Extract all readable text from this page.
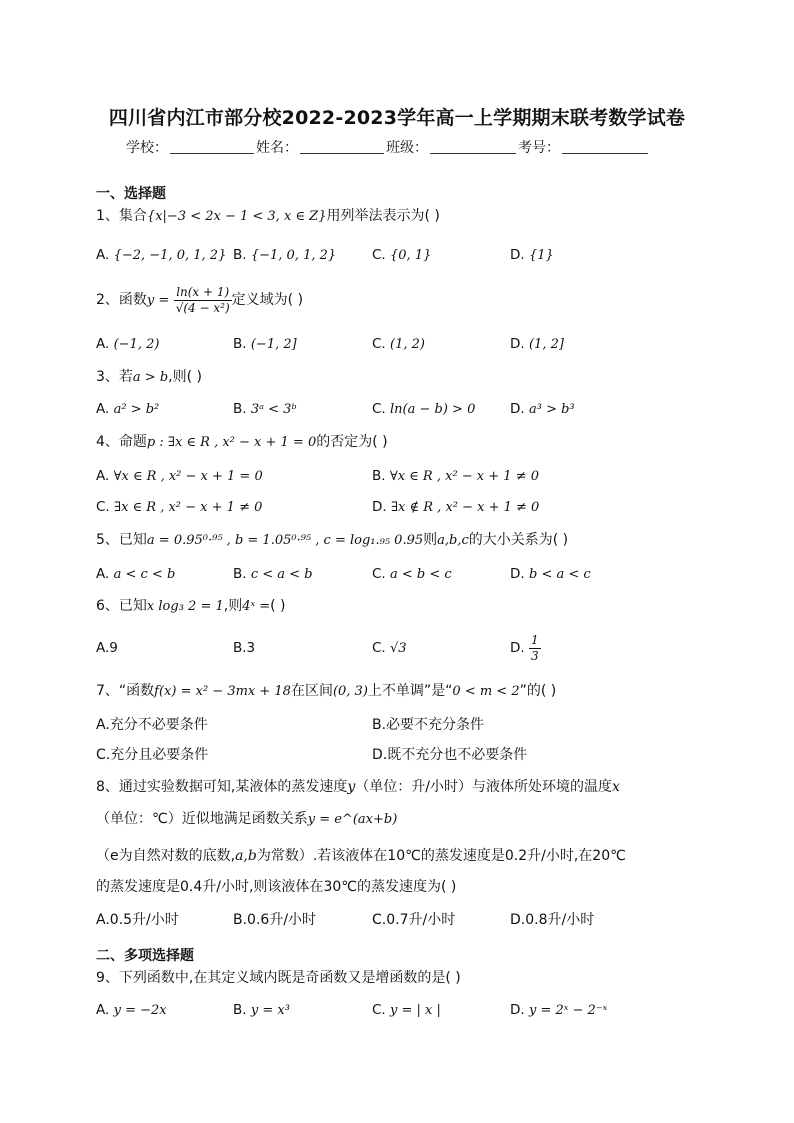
四川省内江市部分校2022-2023学年高一上学期期末联考数学试卷
学校：	姓名：	班级：	考号：
一、选择题
1、集合{x|−3 < 2x − 1 < 3, x ∈ Z}用列举法表示为( )
A. {−2, −1, 0, 1, 2} B. {−1, 0, 1, 2}	C. {0, 1}	D. {1}
2、函数$y = \frac{\ln(x + 1)}{\text{√(4 − x²)}}$ 定义域为( )
A. (−1, 2)	B. (−1, 2]	C. (1, 2)	D. (1, 2]
3、若a > b,则( )
A. a² > b²	B. 3ᵃ < 3ᵇ	C. ln(a − b) > 0	D. a³ > b³
4、命题p : ∃x ∈ R , x² − x + 1 = 0的否定为( )
A. ∀x ∈ R , x² − x + 1 = 0	B. ∀x ∈ R , x² − x + 1 ≠ 0
C. ∃x ∈ R , x² − x + 1 ≠ 0	D. ∃x ∉ R , x² − x + 1 ≠ 0
5、已知a = 0.95⁰·⁹⁵ , b = 1.05⁰·⁹⁵ , c = log₁.₉₅ 0.95则a,b,c的大小关系为( )
A. a < c < b	B. c < a < b	C. a < b < c	D. b < a < c
6、已知x log₃ 2 = 1,则4ˣ =( )
A.9	B.3	C. √3	D. $\frac{1}{3}$
7、“函数f(x) = x² − 3mx + 18在区间(0, 3)上不单调”是“0 < m < 2”的( )
A.充分不必要条件	B.必要不充分条件
C.充分且必要条件	D.既不充分也不必要条件
8、通过实验数据可知,某液体的蒸发速度y（单位：升/小时）与液体所处环境的温度x
（单位：℃）近似地满足函数关系y = e^(ax+b)
（e为自然对数的底数,a,b为常数）.若该液体在10℃的蒸发速度是0.2升/小时,在20℃
的蒸发速度是0.4升/小时,则该液体在30℃的蒸发速度为( )
A.0.5升/小时	B.0.6升/小时	C.0.7升/小时	D.0.8升/小时
二、多项选择题
9、下列函数中,在其定义域内既是奇函数又是增函数的是( )
A. y = −2x	B. y = x³	C. y = | x |	D. y = 2ˣ − 2⁻ˣ
